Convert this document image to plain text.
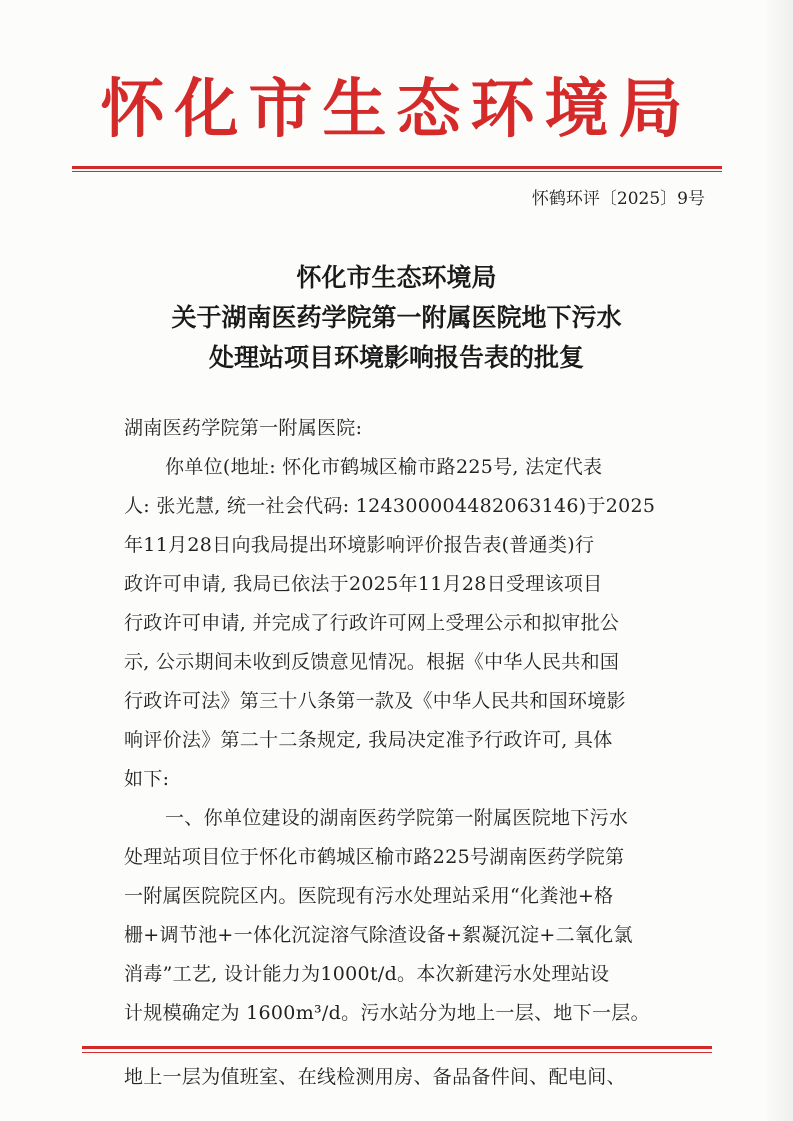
怀化市生态环境局
怀鹤环评〔2025〕9号
怀化市生态环境局
关于湖南医药学院第一附属医院地下污水
处理站项目环境影响报告表的批复
湖南医药学院第一附属医院:
你单位(地址: 怀化市鹤城区榆市路225号, 法定代表
人: 张光慧, 统一社会代码: 12430000448206314​6)于2025
年11月28日向我局提出环境影响评价报告表(普通类)行
政许可申请, 我局已依法于2025年11月28日受理该项目
行政许可申请, 并完成了行政许可网上受理公示和拟审批公
示, 公示期间未收到反馈意见情况。根据《中华人民共和国
行政许可法》第三十八条第一款及《中华人民共和国环境影
响评价法》第二十二条规定, 我局决定准予行政许可, 具体
如下:
一、你单位建设的湖南医药学院第一附属医院地下污水
处理站项目位于怀化市鹤城区榆市路225号湖南医药学院第
一附属医院院区内。医院现有污水处理站采用“化粪池+格
栅+调节池+一体化沉淀溶气除渣设备+絮凝沉淀+二氧化氯
消毒”工艺, 设计能力为1000t/d。本次新建污水处理站设
计规模确定为 1600m³/d。污水站分为地上一层、地下一层。
地上一层为值班室、在线检测用房、备品备件间、配电间、
